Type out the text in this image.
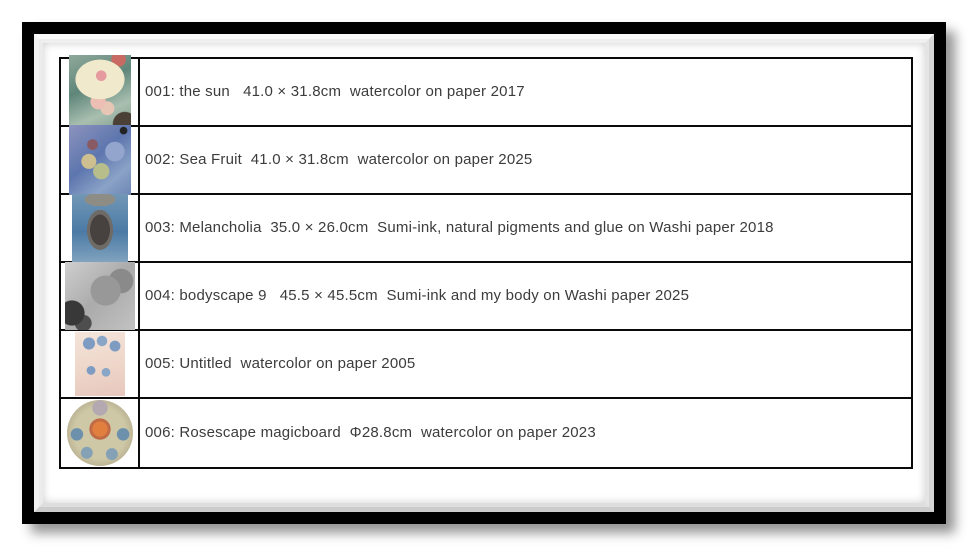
001: the sun   41.0 × 31.8cm  watercolor on paper 2017
002: Sea Fruit  41.0 × 31.8cm  watercolor on paper 2025
003: Melancholia  35.0 × 26.0cm  Sumi-ink, natural pigments and glue on Washi paper 2018
004: bodyscape 9   45.5 × 45.5cm  Sumi-ink and my body on Washi paper 2025
005: Untitled  watercolor on paper 2005
006: Rosescape magicboard  Φ28.8cm  watercolor on paper 2023
